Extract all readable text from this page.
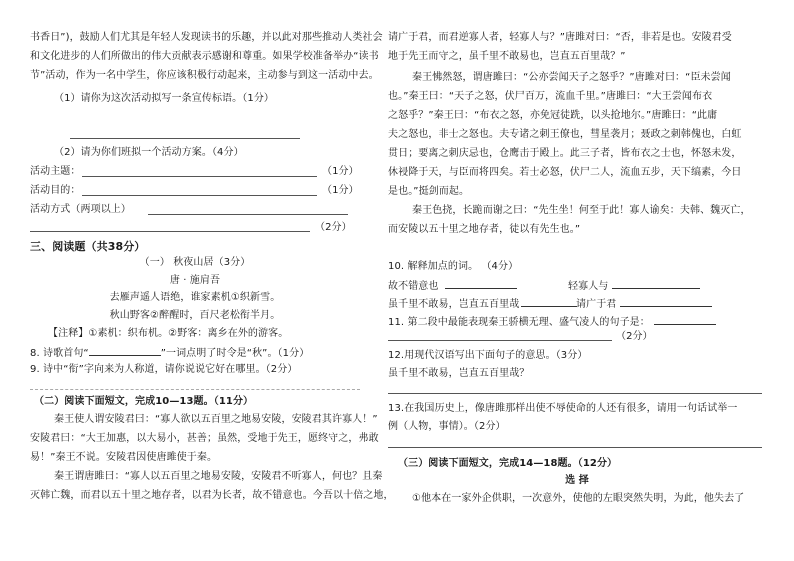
书香日”)，鼓励人们尤其是年轻人发现读书的乐趣，并以此对那些推动人类社会
和文化进步的人们所做出的伟大贡献表示感谢和尊重。如果学校准备举办“读书
节”活动，作为一名中学生，你应该积极行动起来，主动参与到这一活动中去。
（1）请你为这次活动拟写一条宣传标语。（1分）
（2）请为你们班拟一个活动方案。（4分）
活动主题：	（1分）
活动目的：	（1分）
活动方式（两项以上）
（2分）
三、阅读题（共38分）
（一） 秋夜山居（3分）
唐 · 施肩吾
去雁声遥人语绝，谁家素机①织新雪。
秋山野客②醉醒时，百尺老松衔半月。
【注释】①素机：织布机。②野客：离乡在外的游客。
8. 诗歌首句“	”一词点明了时令是“秋”。（1分）
9. 诗中“衔”字向来为人称道，请你说说它好在哪里。（2分）
（二）阅读下面短文，完成10—13题。（11分）
秦王使人谓安陵君曰：“寡人欲以五百里之地易安陵，安陵君其许寡人！”
安陵君曰：“大王加惠，以大易小，甚善；虽然，受地于先王，愿终守之，弗敢
易！”秦王不说。安陵君因使唐雎使于秦。
秦王谓唐雎曰：“寡人以五百里之地易安陵，安陵君不听寡人，何也？且秦
灭韩亡魏，而君以五十里之地存者，以君为长者，故不错意也。今吾以十倍之地，
请广于君，而君逆寡人者，轻寡人与？”唐雎对曰：“否，非若是也。安陵君受
地于先王而守之，虽千里不敢易也，岂直五百里哉？”
秦王怫然怒，谓唐雎曰：“公亦尝闻天子之怒乎？”唐雎对曰：“臣未尝闻
也。”秦王曰：“天子之怒，伏尸百万，流血千里。”唐雎曰：“大王尝闻布衣
之怒乎？”秦王曰：“布衣之怒，亦免冠徒跣，以头抢地尔。”唐雎曰：“此庸
夫之怒也，非士之怒也。夫专诸之刺王僚也，彗星袭月；聂政之刺韩傀也，白虹
贯日；要离之刺庆忌也，仓鹰击于殿上。此三子者，皆布衣之士也，怀怒未发，
休祲降于天，与臣而将四矣。若士必怒，伏尸二人，流血五步，天下缟素，今日
是也。”挺剑而起。
秦王色挠，长跪而谢之曰：“先生坐！何至于此！寡人谕矣：夫韩、魏灭亡，
而安陵以五十里之地存者，徒以有先生也。”
10. 解释加点的词。 （4分）
故不错意也	轻寡人与
虽千里不敢易，岂直五百里哉	请广于君
11. 第二段中最能表现秦王骄横无理、盛气凌人的句子是：
（2分）
12.用现代汉语写出下面句子的意思。（3分）
虽千里不敢易，岂直五百里哉？
13.在我国历史上，像唐雎那样出使不辱使命的人还有很多，请用一句话试举一
例（人物，事情）。（2分）
（三）阅读下面短文，完成14—18题。（12分）
选 择
①他本在一家外企供职，一次意外，使他的左眼突然失明，为此，他失去了
